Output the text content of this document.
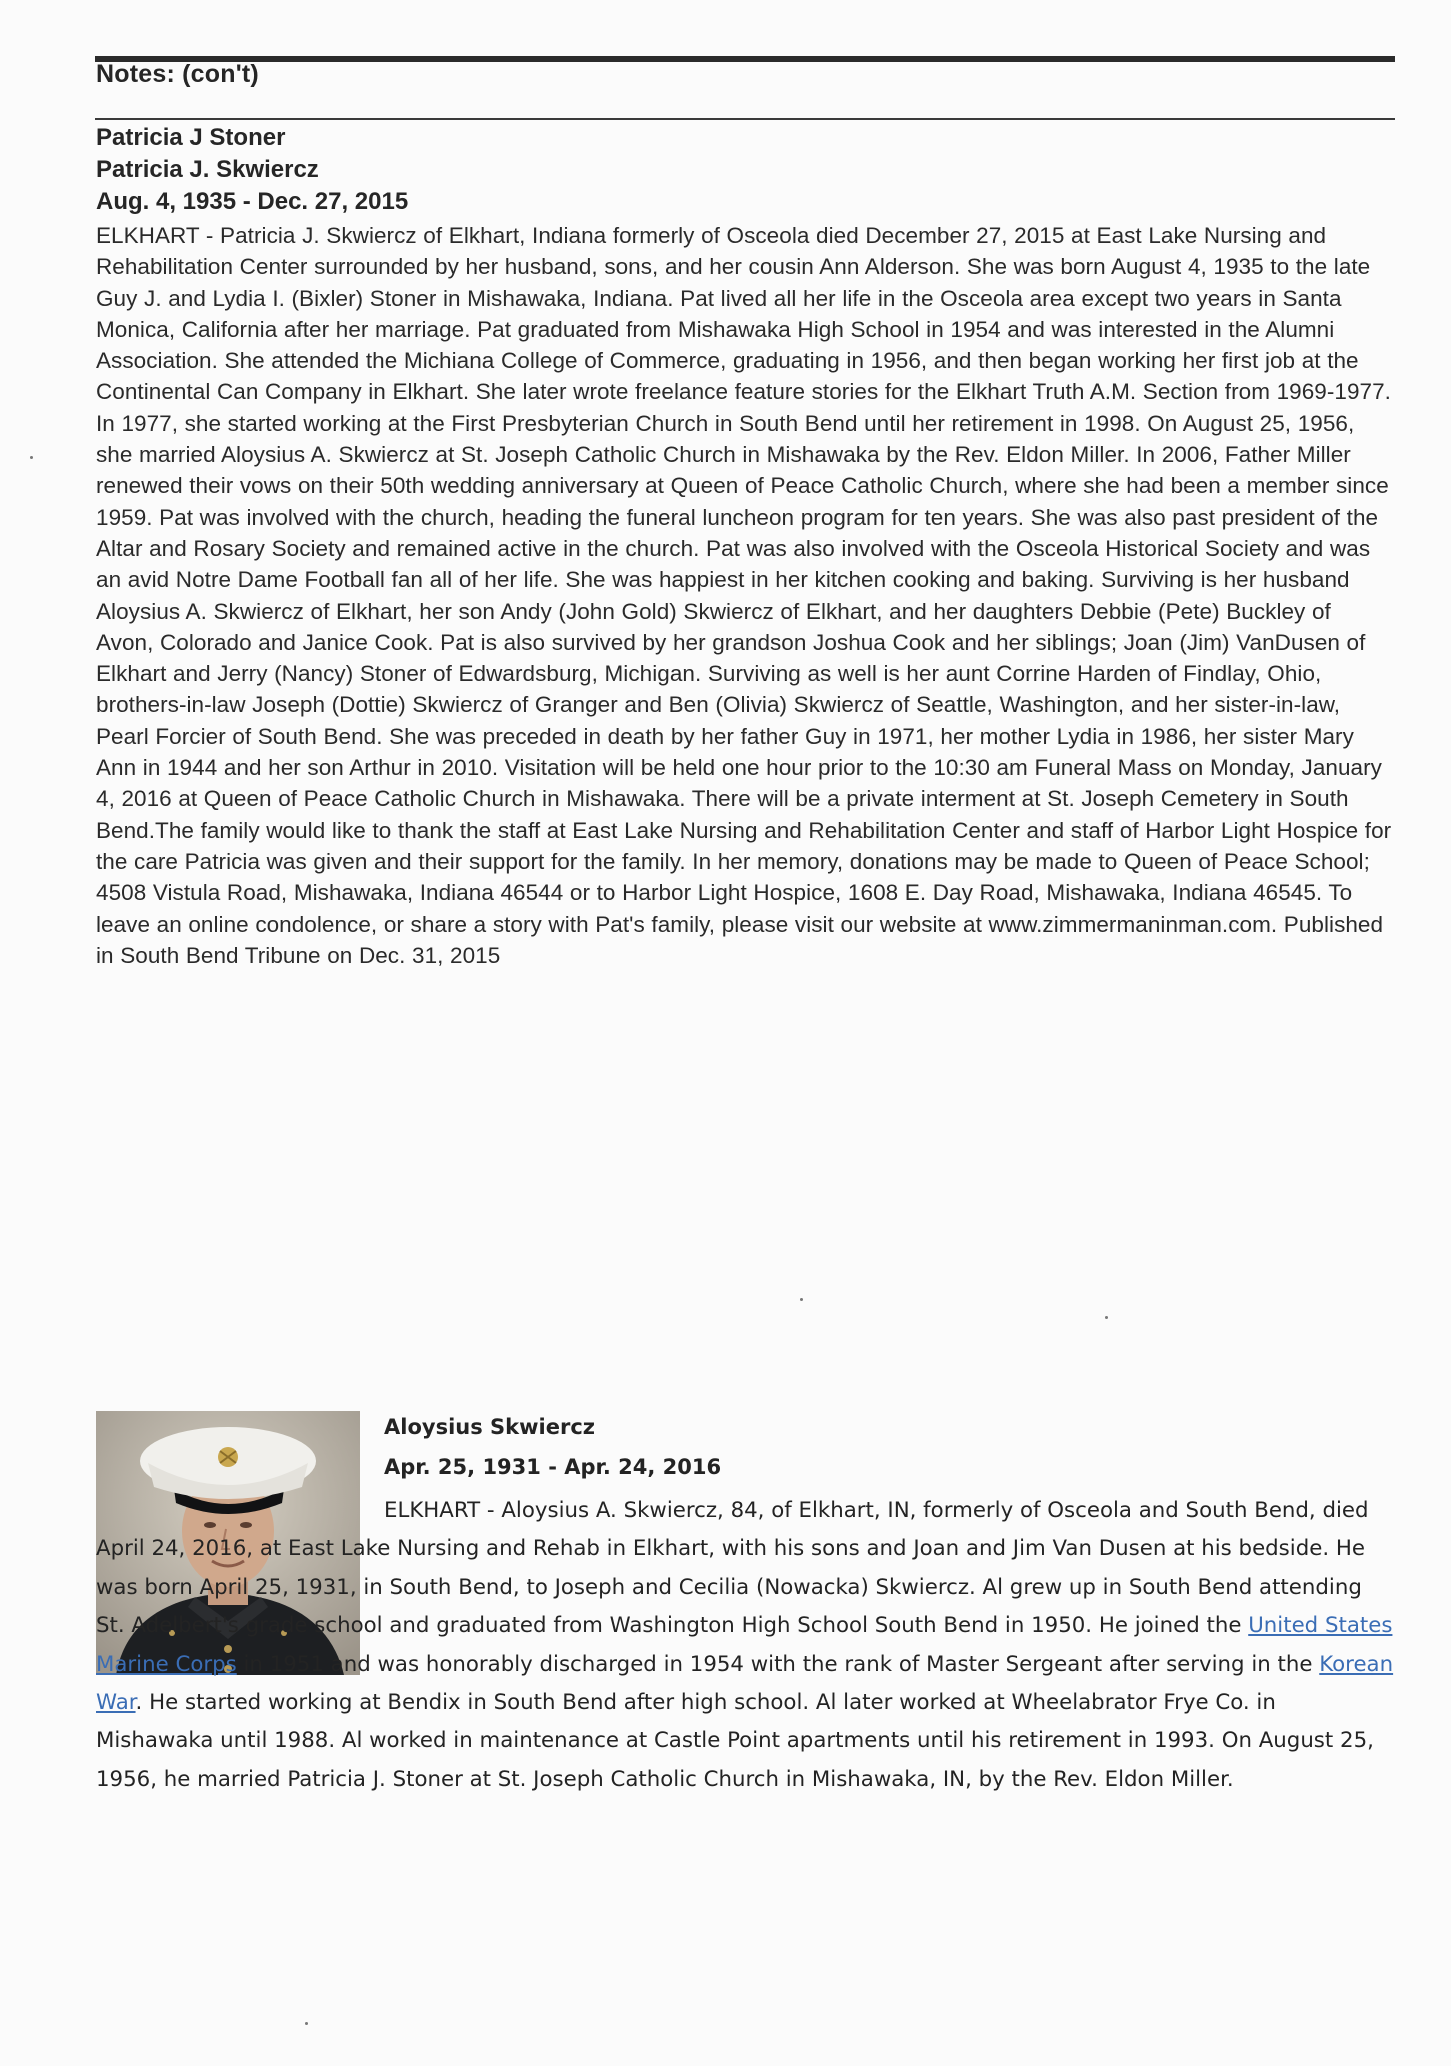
Notes: (con't)
Patricia J Stoner
Patricia J. Skwiercz
Aug. 4, 1935 - Dec. 27, 2015
ELKHART - Patricia J. Skwiercz of Elkhart, Indiana formerly of Osceola died December 27, 2015 at East Lake Nursing and Rehabilitation Center surrounded by her husband, sons, and her cousin Ann Alderson. She was born August 4, 1935 to the late Guy J. and Lydia I. (Bixler) Stoner in Mishawaka, Indiana. Pat lived all her life in the Osceola area except two years in Santa Monica, California after her marriage. Pat graduated from Mishawaka High School in 1954 and was interested in the Alumni Association. She attended the Michiana College of Commerce, graduating in 1956, and then began working her first job at the Continental Can Company in Elkhart. She later wrote freelance feature stories for the Elkhart Truth A.M. Section from 1969-1977. In 1977, she started working at the First Presbyterian Church in South Bend until her retirement in 1998. On August 25, 1956, she married Aloysius A. Skwiercz at St. Joseph Catholic Church in Mishawaka by the Rev. Eldon Miller. In 2006, Father Miller renewed their vows on their 50th wedding anniversary at Queen of Peace Catholic Church, where she had been a member since 1959. Pat was involved with the church, heading the funeral luncheon program for ten years. She was also past president of the Altar and Rosary Society and remained active in the church. Pat was also involved with the Osceola Historical Society and was an avid Notre Dame Football fan all of her life. She was happiest in her kitchen cooking and baking. Surviving is her husband Aloysius A. Skwiercz of Elkhart, her son Andy (John Gold) Skwiercz of Elkhart, and her daughters Debbie (Pete) Buckley of Avon, Colorado and Janice Cook. Pat is also survived by her grandson Joshua Cook and her siblings; Joan (Jim) VanDusen of Elkhart and Jerry (Nancy) Stoner of Edwardsburg, Michigan. Surviving as well is her aunt Corrine Harden of Findlay, Ohio, brothers-in-law Joseph (Dottie) Skwiercz of Granger and Ben (Olivia) Skwiercz of Seattle, Washington, and her sister-in-law, Pearl Forcier of South Bend. She was preceded in death by her father Guy in 1971, her mother Lydia in 1986, her sister Mary Ann in 1944 and her son Arthur in 2010. Visitation will be held one hour prior to the 10:30 am Funeral Mass on Monday, January 4, 2016 at Queen of Peace Catholic Church in Mishawaka. There will be a private interment at St. Joseph Cemetery in South Bend.The family would like to thank the staff at East Lake Nursing and Rehabilitation Center and staff of Harbor Light Hospice for the care Patricia was given and their support for the family. In her memory, donations may be made to Queen of Peace School; 4508 Vistula Road, Mishawaka, Indiana 46544 or to Harbor Light Hospice, 1608 E. Day Road, Mishawaka, Indiana 46545. To leave an online condolence, or share a story with Pat's family, please visit our website at www.zimmermaninman.com. Published in South Bend Tribune on Dec. 31, 2015
Aloysius Skwiercz
Apr. 25, 1931 - Apr. 24, 2016
ELKHART - Aloysius A. Skwiercz, 84, of Elkhart, IN, formerly of Osceola and South Bend, died April 24, 2016, at East Lake Nursing and Rehab in Elkhart, with his sons and Joan and Jim Van Dusen at his bedside. He was born April 25, 1931, in South Bend, to Joseph and Cecilia (Nowacka) Skwiercz. Al grew up in South Bend attending St. Adelbert's grade school and graduated from Washington High School South Bend in 1950. He joined the United States Marine Corps in 1951 and was honorably discharged in 1954 with the rank of Master Sergeant after serving in the Korean War. He started working at Bendix in South Bend after high school. Al later worked at Wheelabrator Frye Co. in Mishawaka until 1988. Al worked in maintenance at Castle Point apartments until his retirement in 1993. On August 25, 1956, he married Patricia J. Stoner at St. Joseph Catholic Church in Mishawaka, IN, by the Rev. Eldon Miller.
